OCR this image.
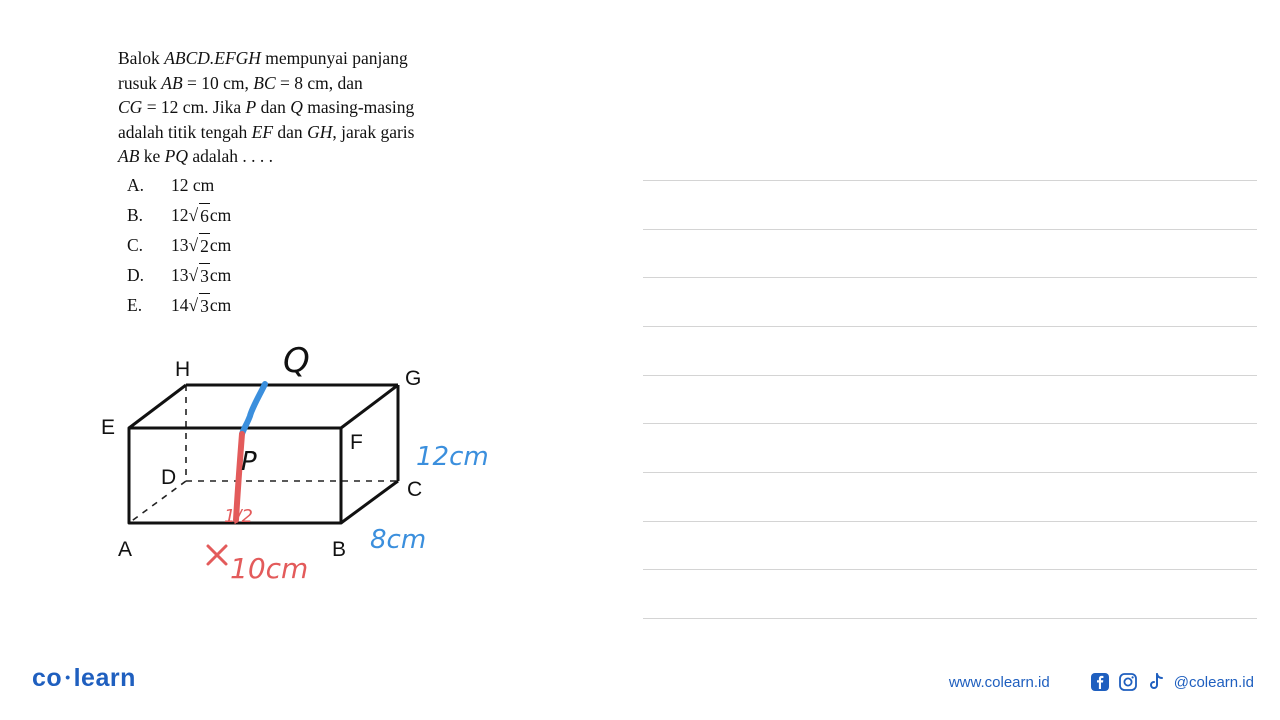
Balok ABCD.EFGH mempunyai panjang
rusuk AB = 10 cm, BC = 8 cm, dan
CG = 12 cm. Jika P dan Q masing-masing
adalah titik tengah EF dan GH, jarak garis
AB ke PQ adalah . . . .
A.	12 cm
B.	12 √ 6 cm
C.	13 √ 2 cm
D.	13 √ 3 cm
E.	14 √ 3 cm
A	B
C
D
E
F
G
H	Q
P	12cm
8cm
10cm
1/2
co • learn	www.colearn.id	@colearn.id
